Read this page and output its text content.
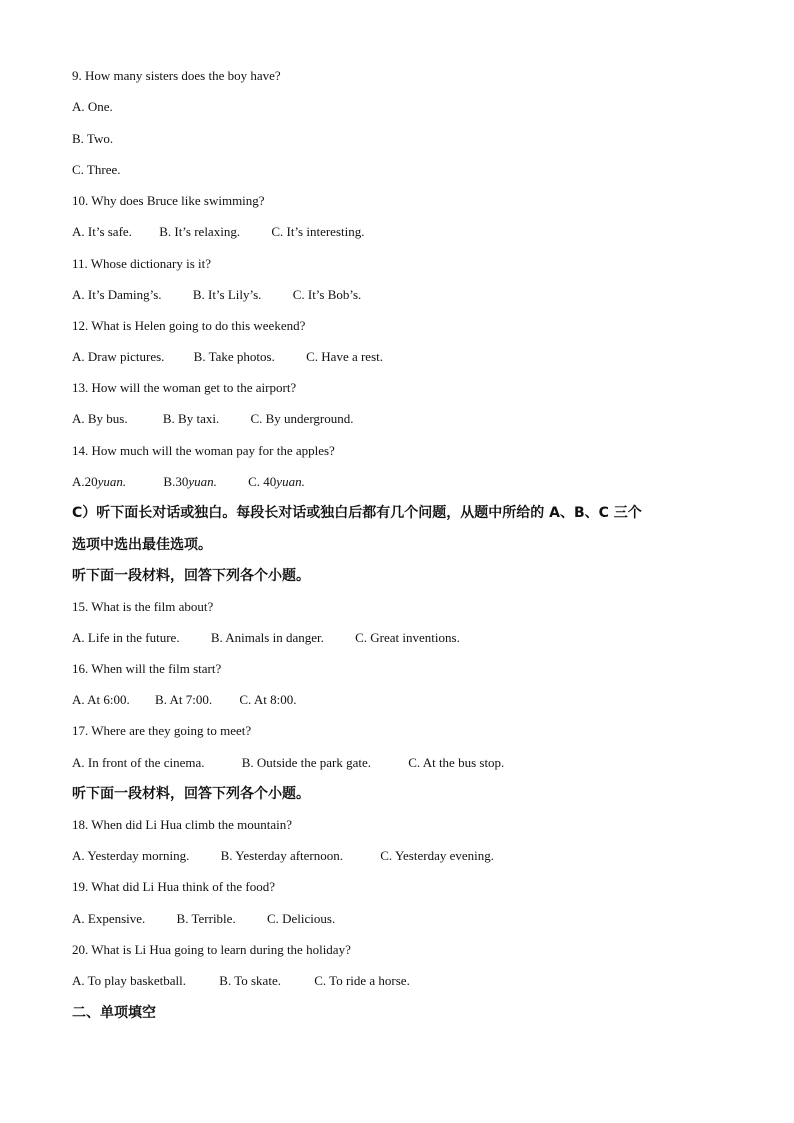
9. How many sisters does the boy have?
A. One.
B. Two.
C. Three.
10. Why does Bruce like swimming?
A. It’s safe. B. It’s relaxing. C. It’s interesting.
11. Whose dictionary is it?
A. It’s Daming’s. B. It’s Lily’s. C. It’s Bob’s.
12. What is Helen going to do this weekend?
A. Draw pictures. B. Take photos. C. Have a rest.
13. How will the woman get to the airport?
A. By bus.	B. By taxi. C. By underground.
14. How much will the woman pay for the apples?
A.20yuan.	B.30yuan. C. 40yuan.
C）听下面长对话或独白。每段长对话或独白后都有几个问题，从题中所给的 A、B、C 三个
选项中选出最佳选项。
听下面一段材料，回答下列各个小题。
15. What is the film about?
A. Life in the future. B. Animals in danger. C. Great inventions.
16. When will the film start?
A. At 6:00. B. At 7:00. C. At 8:00.
17. Where are they going to meet?
A. In front of the cinema.	B. Outside the park gate.	C. At the bus stop.
听下面一段材料，回答下列各个小题。
18. When did Li Hua climb the mountain?
A. Yesterday morning. B. Yesterday afternoon.	C. Yesterday evening.
19. What did Li Hua think of the food?
A. Expensive. B. Terrible. C. Delicious.
20. What is Li Hua going to learn during the holiday?
A. To play basketball.	B. To skate.	C. To ride a horse.
二、单项填空
